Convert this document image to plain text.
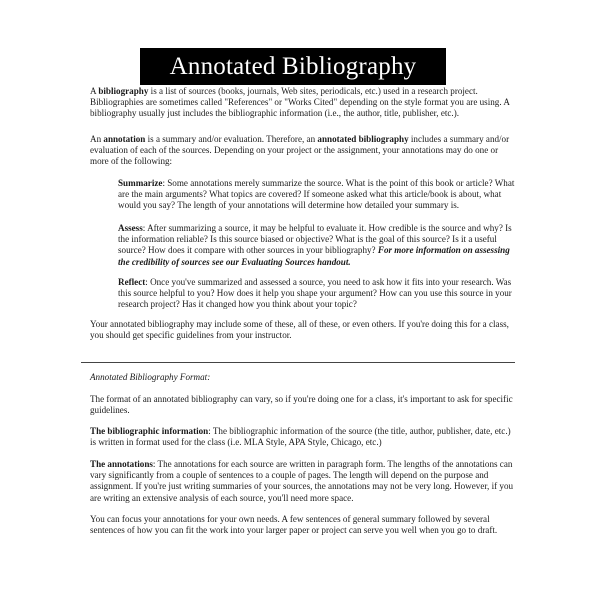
Annotated Bibliography

A bibliography is a list of sources (books, journals, Web sites, periodicals, etc.) used in a research project. Bibliographies are sometimes called "References" or "Works Cited" depending on the style format you are using. A bibliography usually just includes the bibliographic information (i.e., the author, title, publisher, etc.).

An annotation is a summary and/or evaluation. Therefore, an annotated bibliography includes a summary and/or evaluation of each of the sources. Depending on your project or the assignment, your annotations may do one or more of the following:

Summarize: Some annotations merely summarize the source. What is the point of this book or article? What are the main arguments? What topics are covered? If someone asked what this article/book is about, what would you say? The length of your annotations will determine how detailed your summary is.

Assess: After summarizing a source, it may be helpful to evaluate it. How credible is the source and why? Is the information reliable? Is this source biased or objective? What is the goal of this source? Is it a useful source? How does it compare with other sources in your bibliography? For more information on assessing the credibility of sources see our Evaluating Sources handout.

Reflect: Once you've summarized and assessed a source, you need to ask how it fits into your research. Was this source helpful to you? How does it help you shape your argument? How can you use this source in your research project? Has it changed how you think about your topic?

Your annotated bibliography may include some of these, all of these, or even others. If you're doing this for a class, you should get specific guidelines from your instructor.

Annotated Bibliography Format:

The format of an annotated bibliography can vary, so if you're doing one for a class, it's important to ask for specific guidelines.

The bibliographic information: The bibliographic information of the source (the title, author, publisher, date, etc.) is written in format used for the class (i.e. MLA Style, APA Style, Chicago, etc.)

The annotations: The annotations for each source are written in paragraph form. The lengths of the annotations can vary significantly from a couple of sentences to a couple of pages. The length will depend on the purpose and assignment. If you're just writing summaries of your sources, the annotations may not be very long. However, if you are writing an extensive analysis of each source, you'll need more space.

You can focus your annotations for your own needs. A few sentences of general summary followed by several sentences of how you can fit the work into your larger paper or project can serve you well when you go to draft.
